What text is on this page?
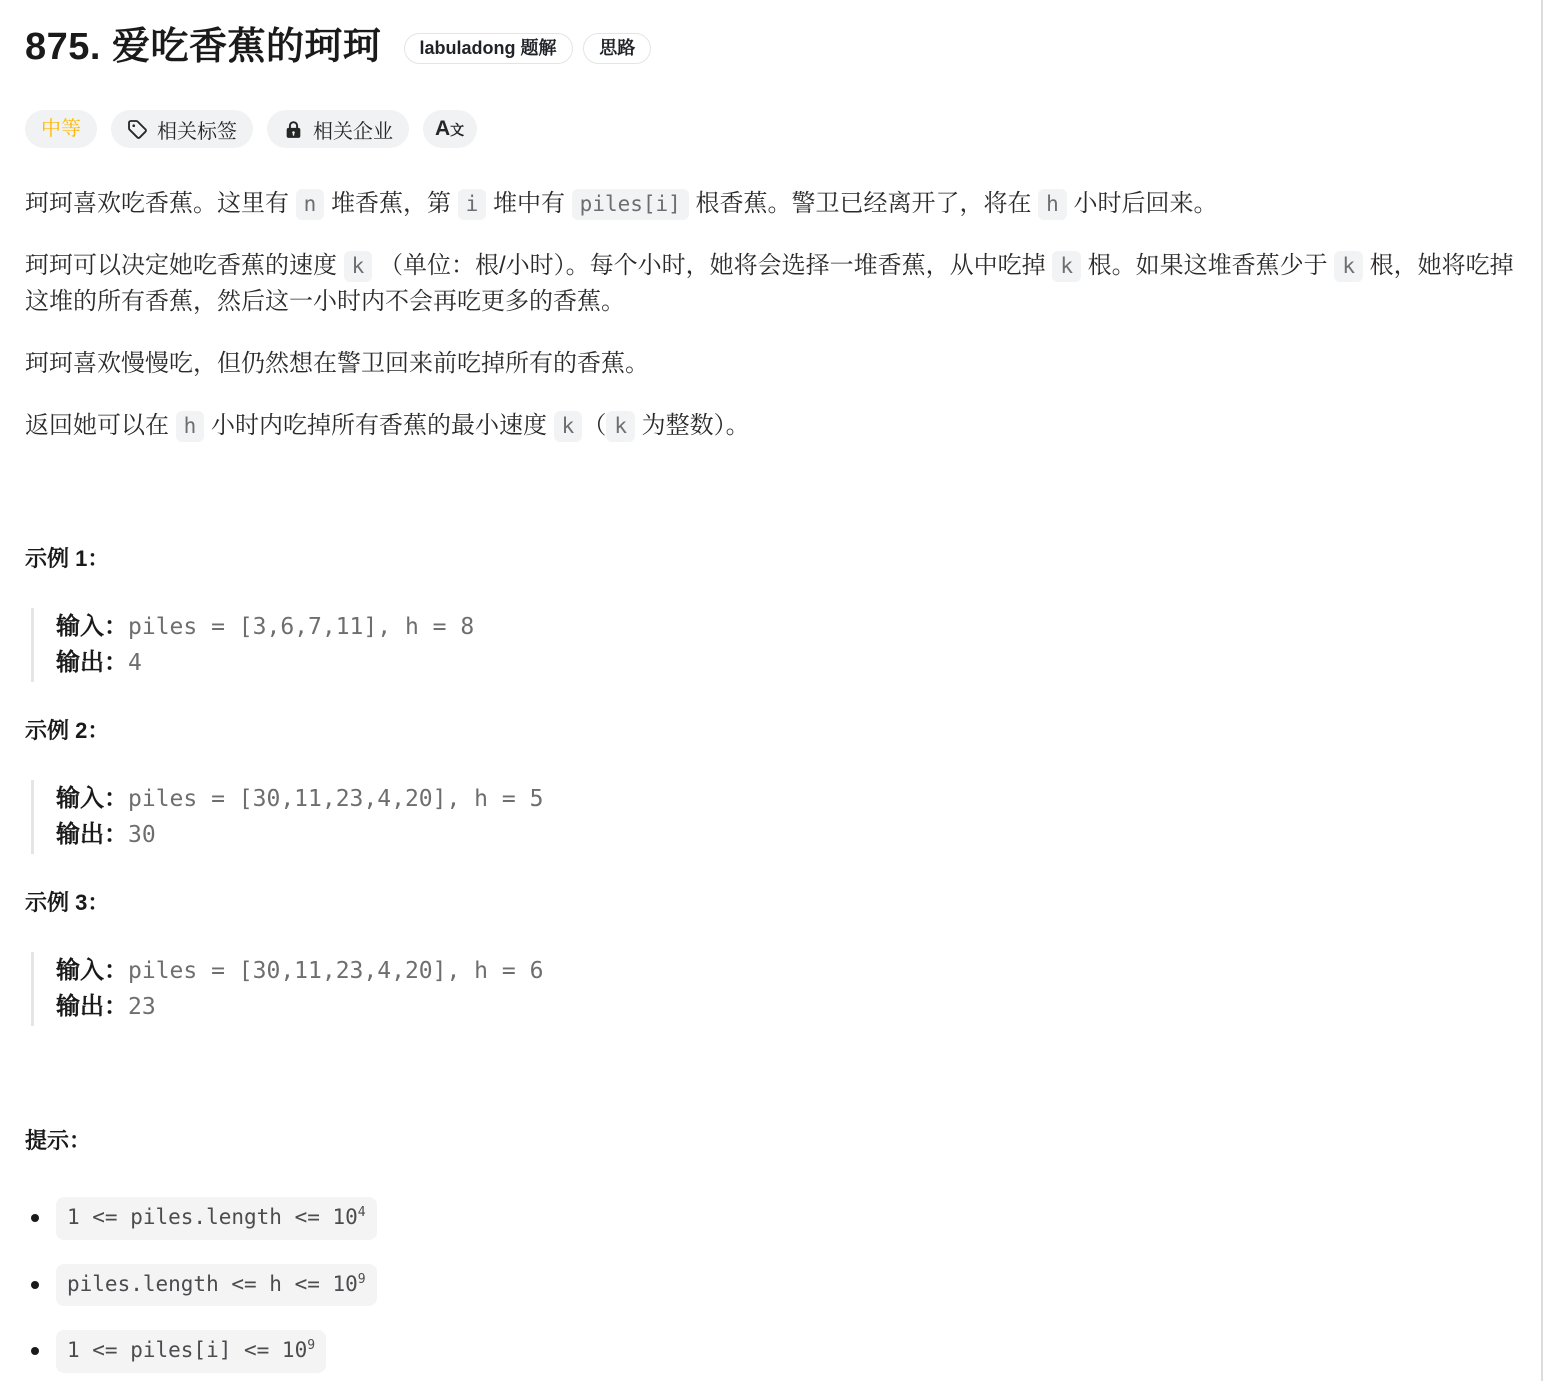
875. 爱吃香蕉的珂珂	labuladong 题解 思路
中等	相关标签	相关企业 A文

珂珂喜欢吃香蕉。这里有 n 堆香蕉，第 i 堆中有 piles[i] 根香蕉。警卫已经离开了，将在 h 小时后回来。

珂珂可以决定她吃香蕉的速度 k （单位：根/小时）。每个小时，她将会选择一堆香蕉，从中吃掉 k 根。如果这堆香蕉少于 k 根，她将吃掉这堆的所有香蕉，然后这一小时内不会再吃更多的香蕉。

珂珂喜欢慢慢吃，但仍然想在警卫回来前吃掉所有的香蕉。

返回她可以在 h 小时内吃掉所有香蕉的最小速度 k （ k 为整数）。

示例 1：
输入：piles = [3,6,7,11], h = 8
输出：4
示例 2：
输入：piles = [30,11,23,4,20], h = 5
输出：30
示例 3：
输入：piles = [30,11,23,4,20], h = 6
输出：23
提示：
1 <= piles.length <= $10^4$
piles.length <= $h <= 10^9$
1 <= piles[i] <= $10^9$
